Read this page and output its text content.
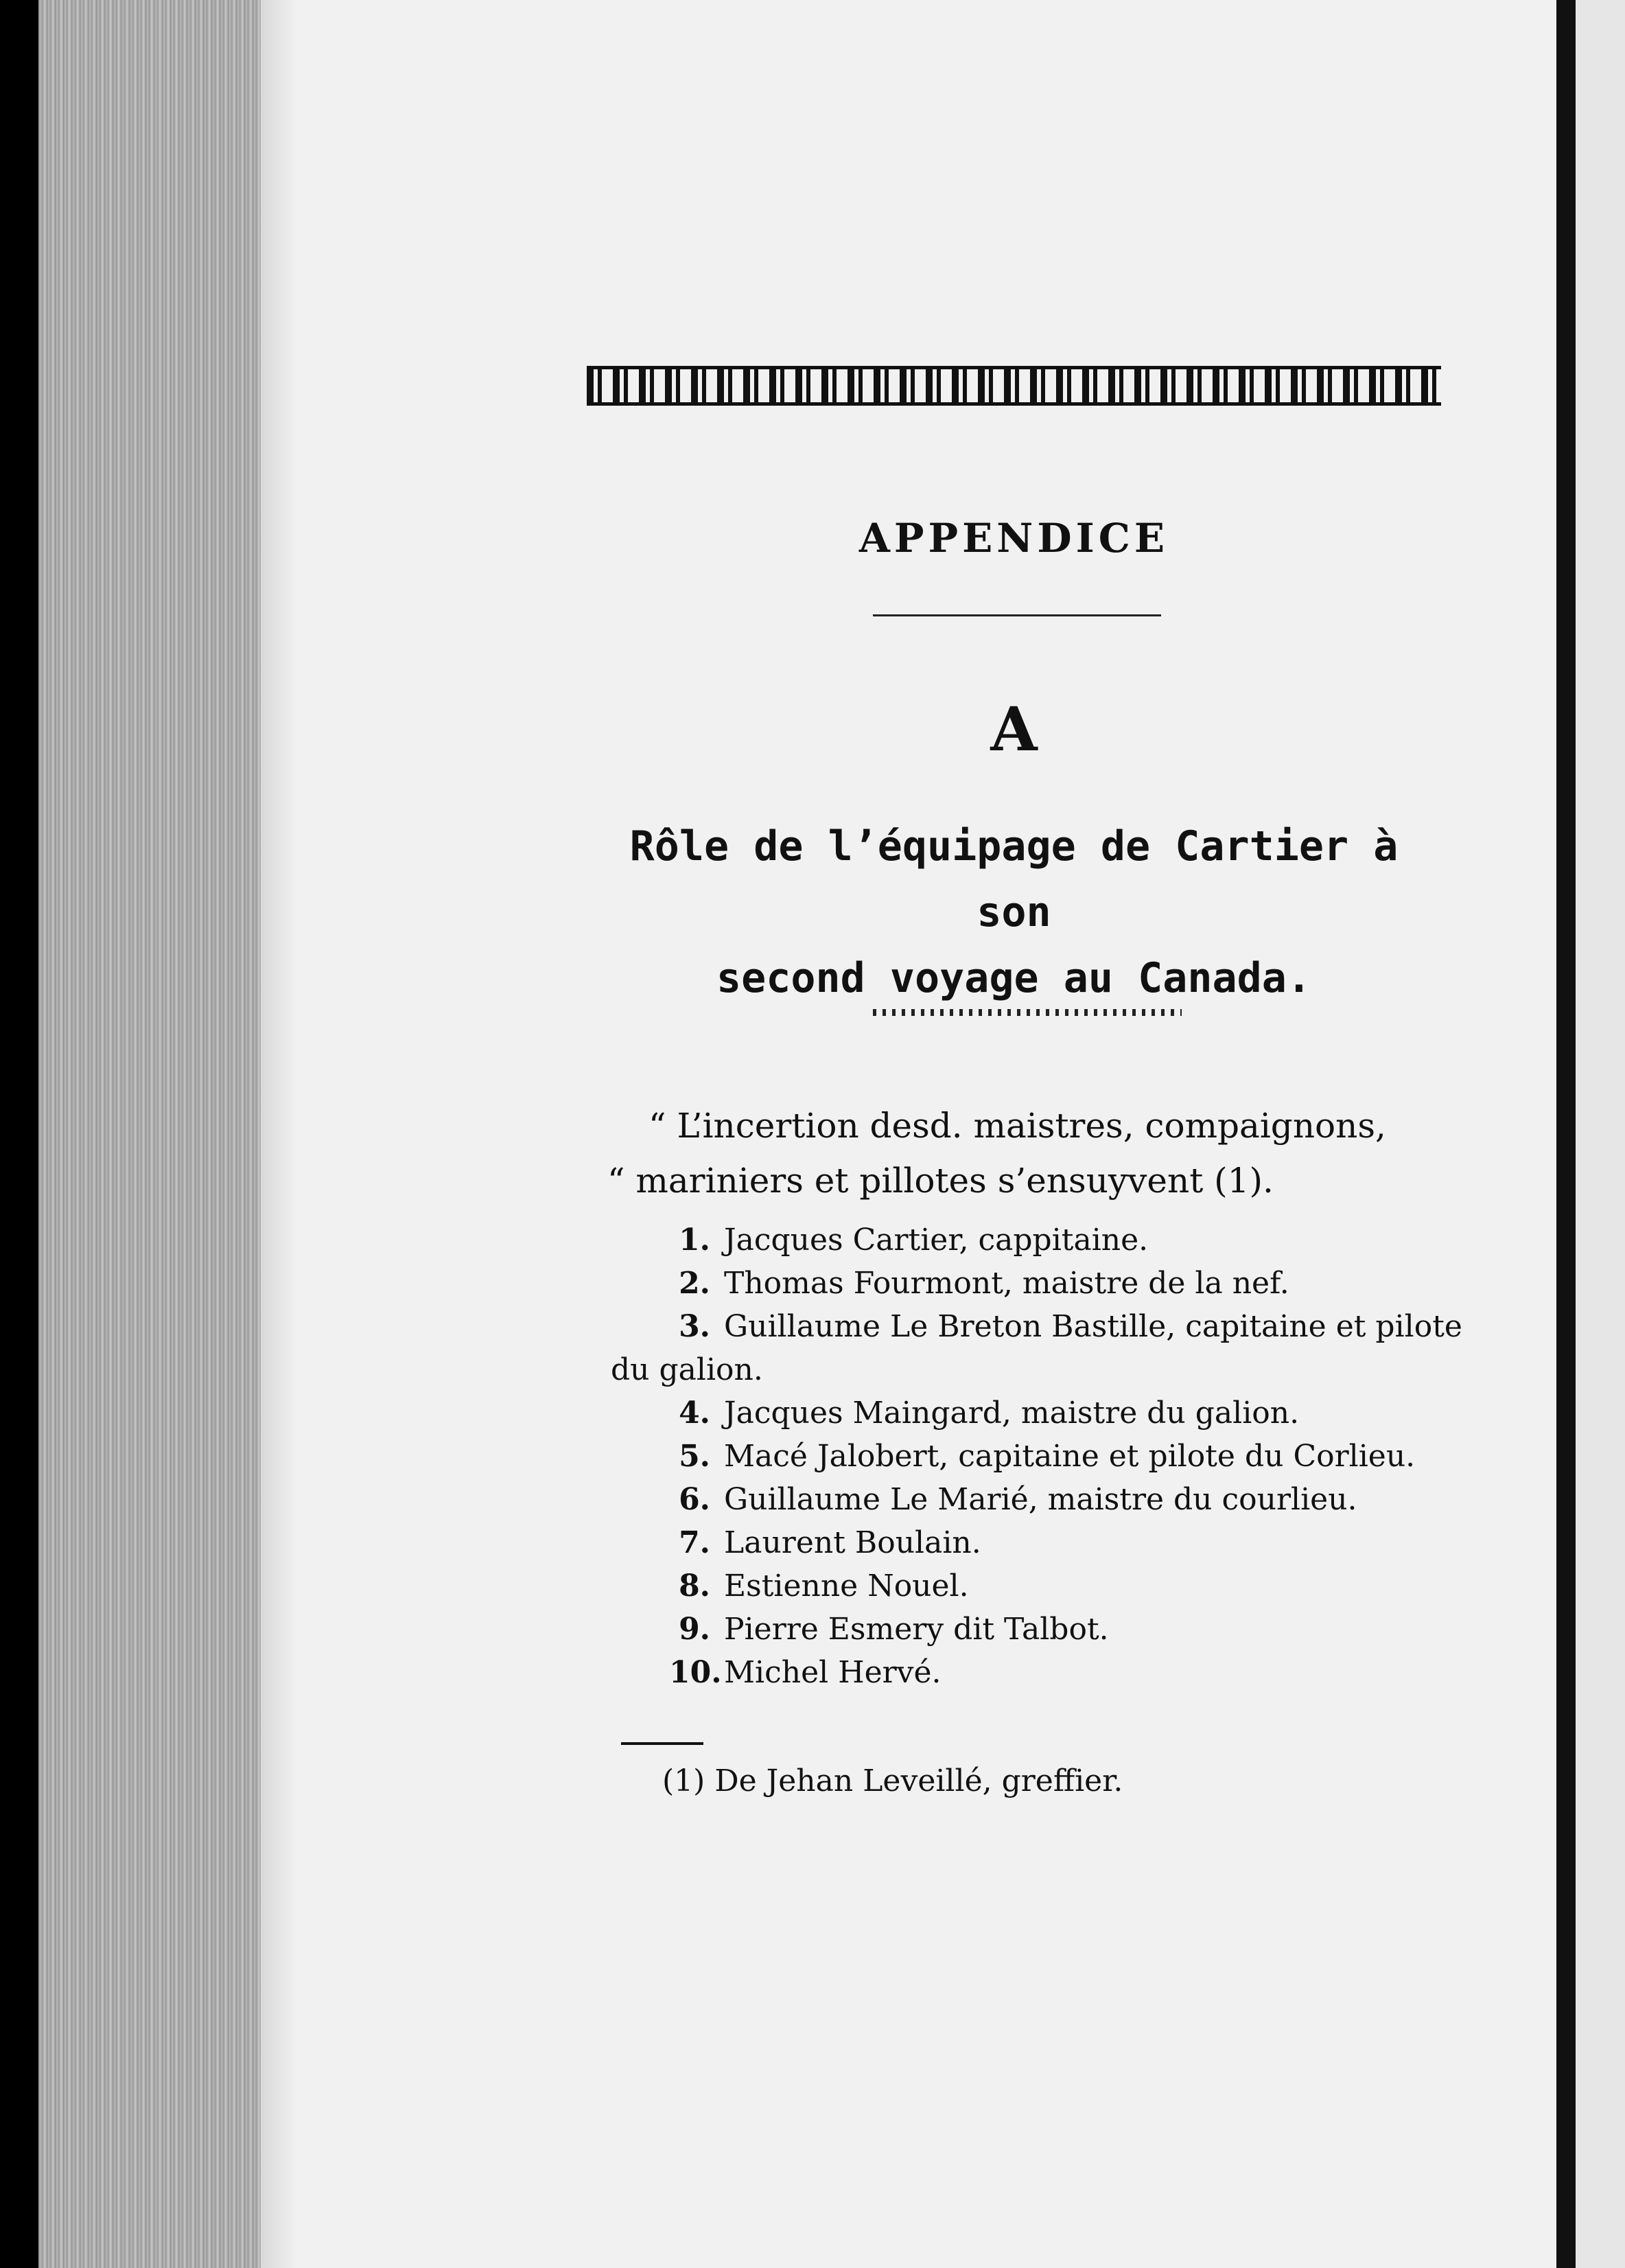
APPENDICE
A
Rôle de l’équipage de Cartier à son
second voyage au Canada.
“ L’incertion desd. maistres, compaignons,
“ mariniers et pillotes s’ensuyvent (1).
1. Jacques Cartier, cappitaine.
2. Thomas Fourmont, maistre de la nef.
3. Guillaume Le Breton Bastille, capitaine et pilote
du galion.
4. Jacques Maingard, maistre du galion.
5. Macé Jalobert, capitaine et pilote du Corlieu.
6. Guillaume Le Marié, maistre du courlieu.
7. Laurent Boulain.
8. Estienne Nouel.
9. Pierre Esmery dit Talbot.
10.Michel Hervé.
(1) De Jehan Leveillé, greffier.
